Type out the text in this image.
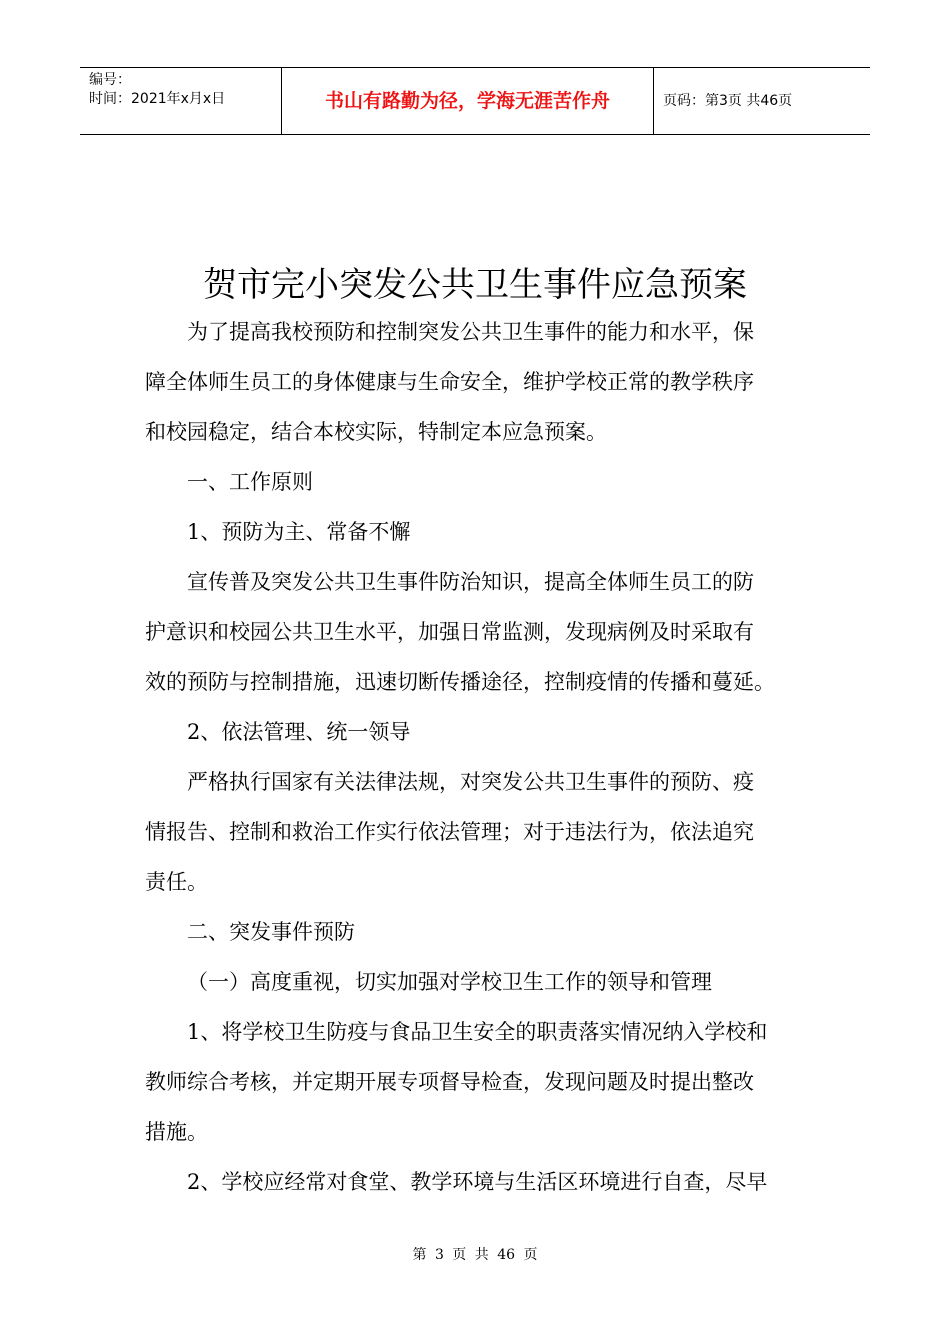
编号：
时间：2021年x月x日	书山有路勤为径，学海无涯苦作舟	页码：第3页 共46页
贺市完小突发公共卫生事件应急预案

为了提高我校预防和控制突发公共卫生事件的能力和水平，保

障全体师生员工的身体健康与生命安全，维护学校正常的教学秩序

和校园稳定，结合本校实际，特制定本应急预案。

一、工作原则

1、预防为主、常备不懈

宣传普及突发公共卫生事件防治知识，提高全体师生员工的防

护意识和校园公共卫生水平，加强日常监测，发现病例及时采取有

效的预防与控制措施，迅速切断传播途径，控制疫情的传播和蔓延。

2、依法管理、统一领导

严格执行国家有关法律法规，对突发公共卫生事件的预防、疫

情报告、控制和救治工作实行依法管理；对于违法行为，依法追究

责任。

二、突发事件预防

（一）高度重视，切实加强对学校卫生工作的领导和管理

1、将学校卫生防疫与食品卫生安全的职责落实情况纳入学校和

教师综合考核，并定期开展专项督导检查，发现问题及时提出整改

措施。

2、学校应经常对食堂、教学环境与生活区环境进行自查，尽早

第 3 页 共 46 页
